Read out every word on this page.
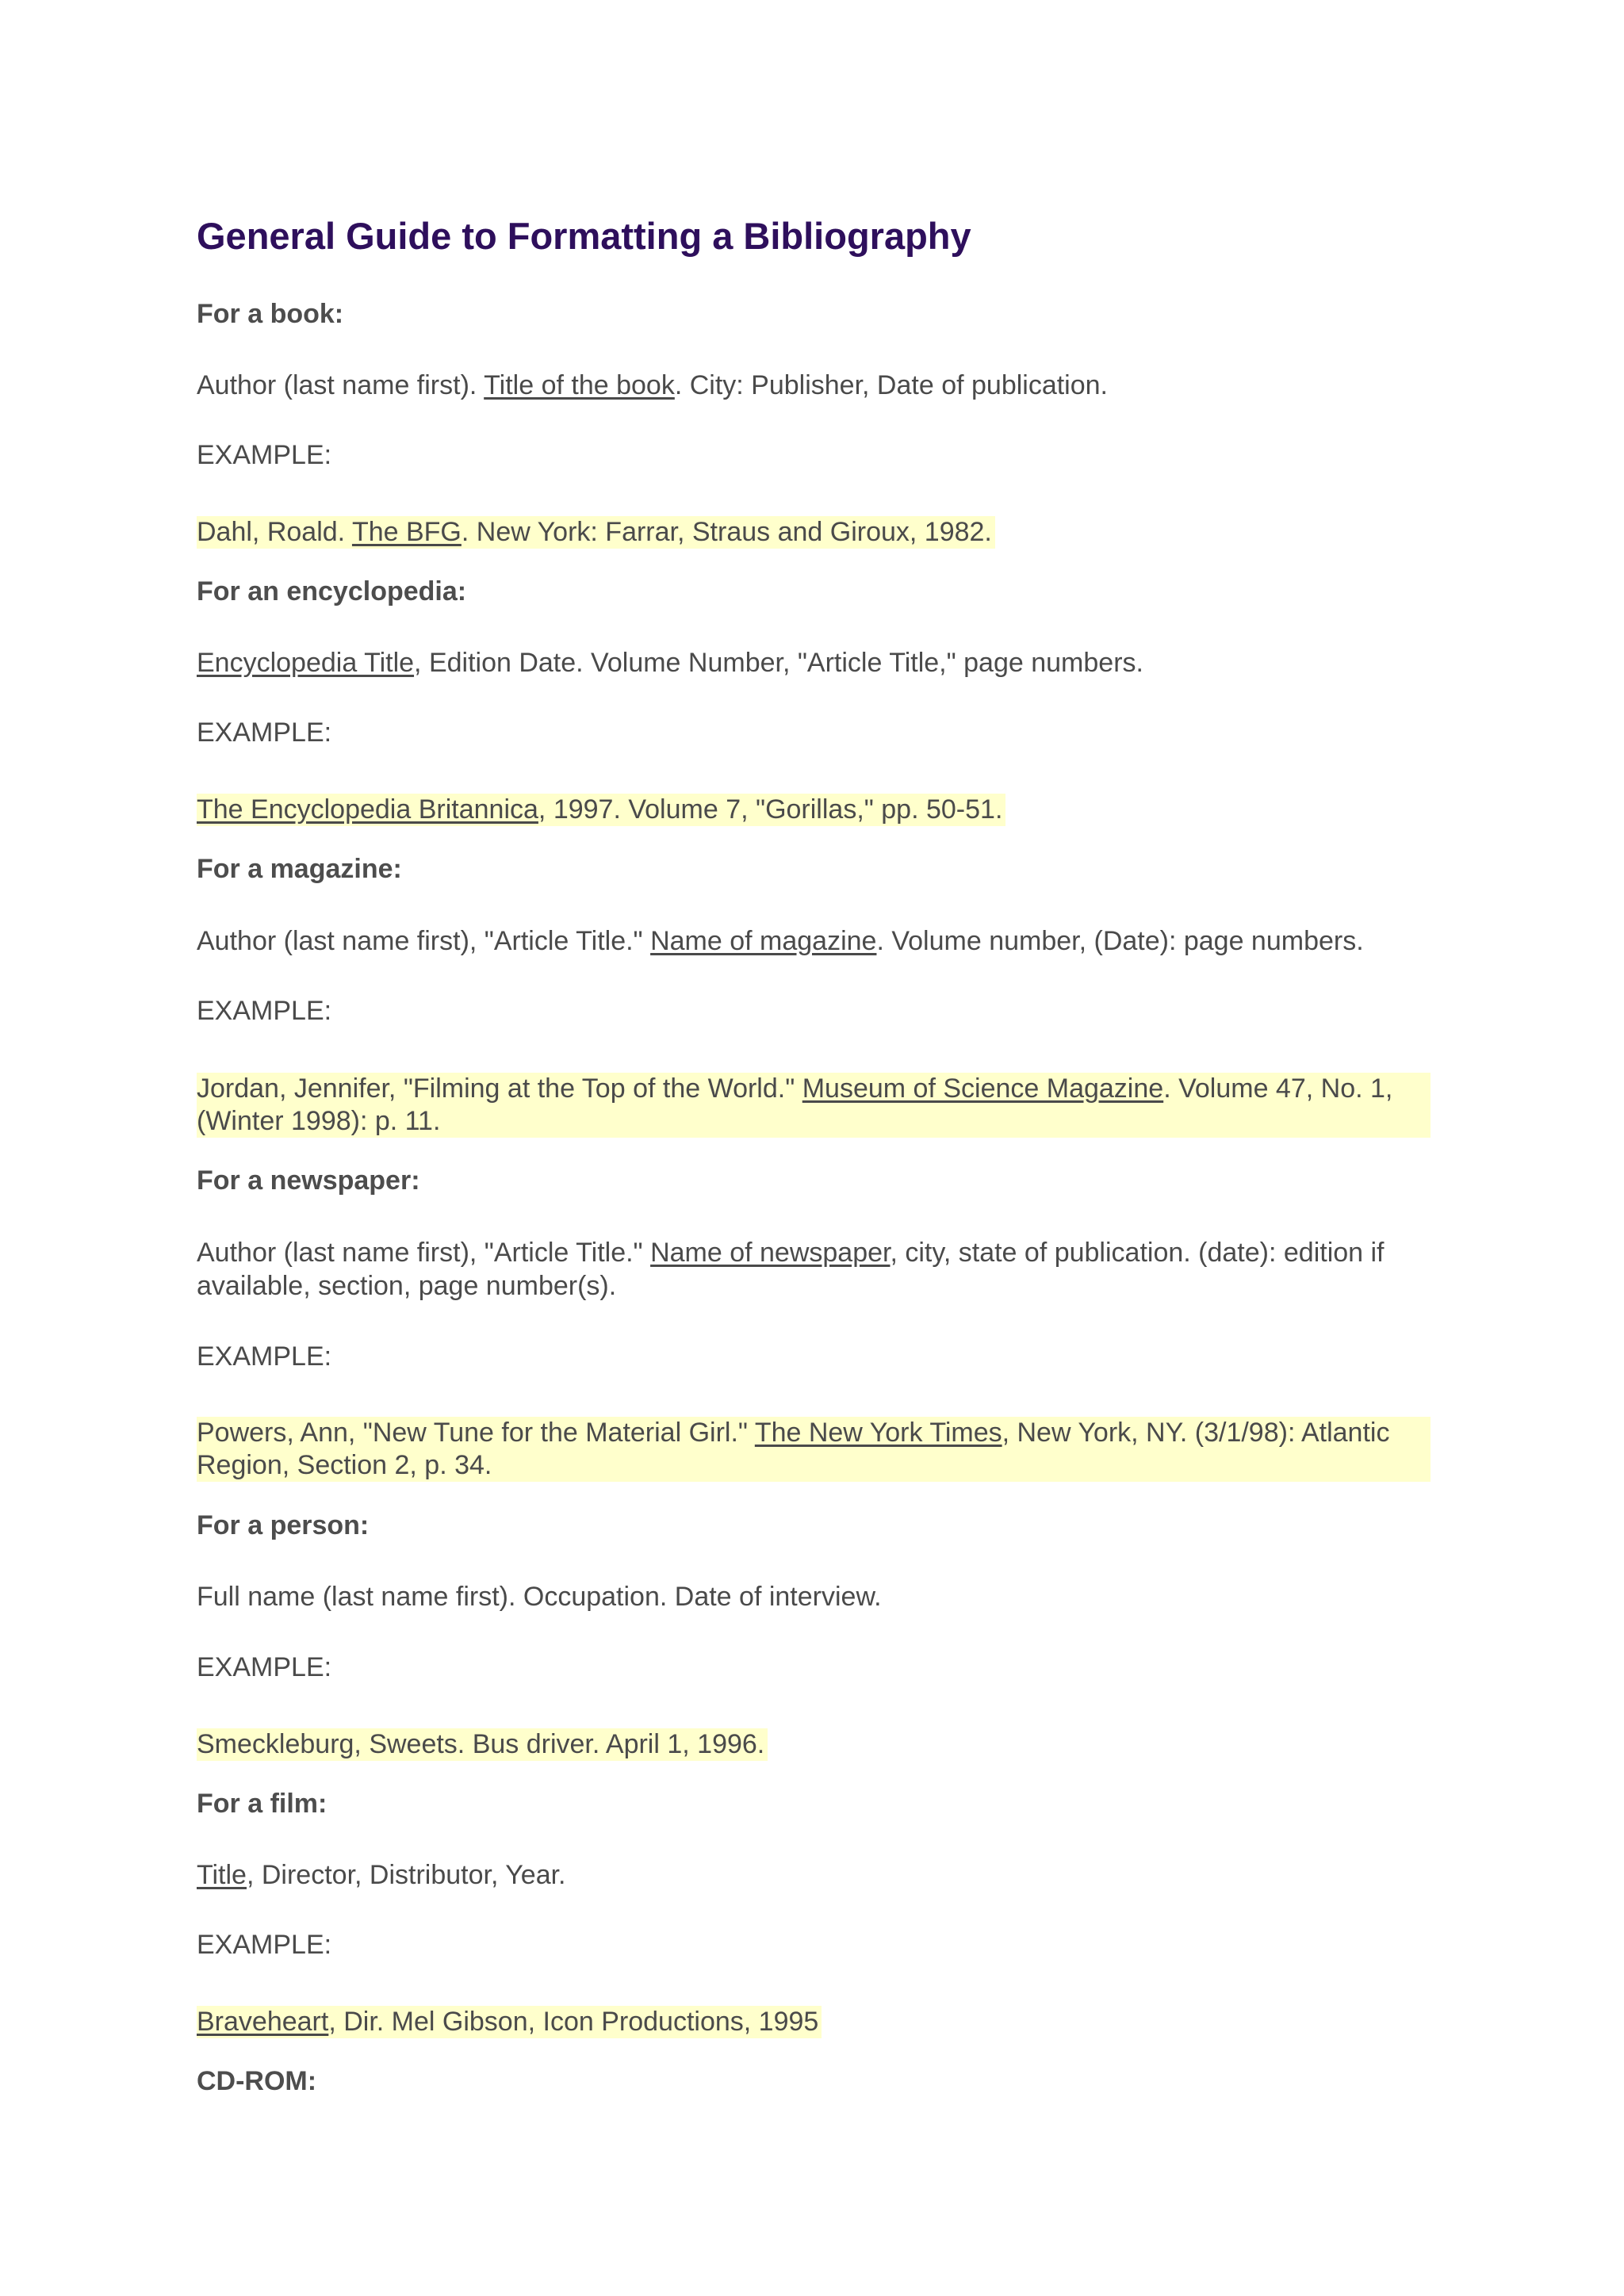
General Guide to Formatting a Bibliography

For a book:

Author (last name first). Title of the book. City: Publisher, Date of publication.

EXAMPLE:

Dahl, Roald. The BFG. New York: Farrar, Straus and Giroux, 1982.

For an encyclopedia:

Encyclopedia Title, Edition Date. Volume Number, "Article Title," page numbers.

EXAMPLE:

The Encyclopedia Britannica, 1997. Volume 7, "Gorillas," pp. 50-51.

For a magazine:

Author (last name first), "Article Title." Name of magazine. Volume number, (Date): page numbers.

EXAMPLE:

Jordan, Jennifer, "Filming at the Top of the World." Museum of Science Magazine. Volume 47, No. 1, (Winter 1998): p. 11.

For a newspaper:

Author (last name first), "Article Title." Name of newspaper, city, state of publication. (date): edition if available, section, page number(s).

EXAMPLE:

Powers, Ann, "New Tune for the Material Girl." The New York Times, New York, NY. (3/1/98): Atlantic Region, Section 2, p. 34.

For a person:

Full name (last name first). Occupation. Date of interview.

EXAMPLE:

Smeckleburg, Sweets. Bus driver. April 1, 1996.

For a film:

Title, Director, Distributor, Year.

EXAMPLE:

Braveheart, Dir. Mel Gibson, Icon Productions, 1995

CD-ROM:
